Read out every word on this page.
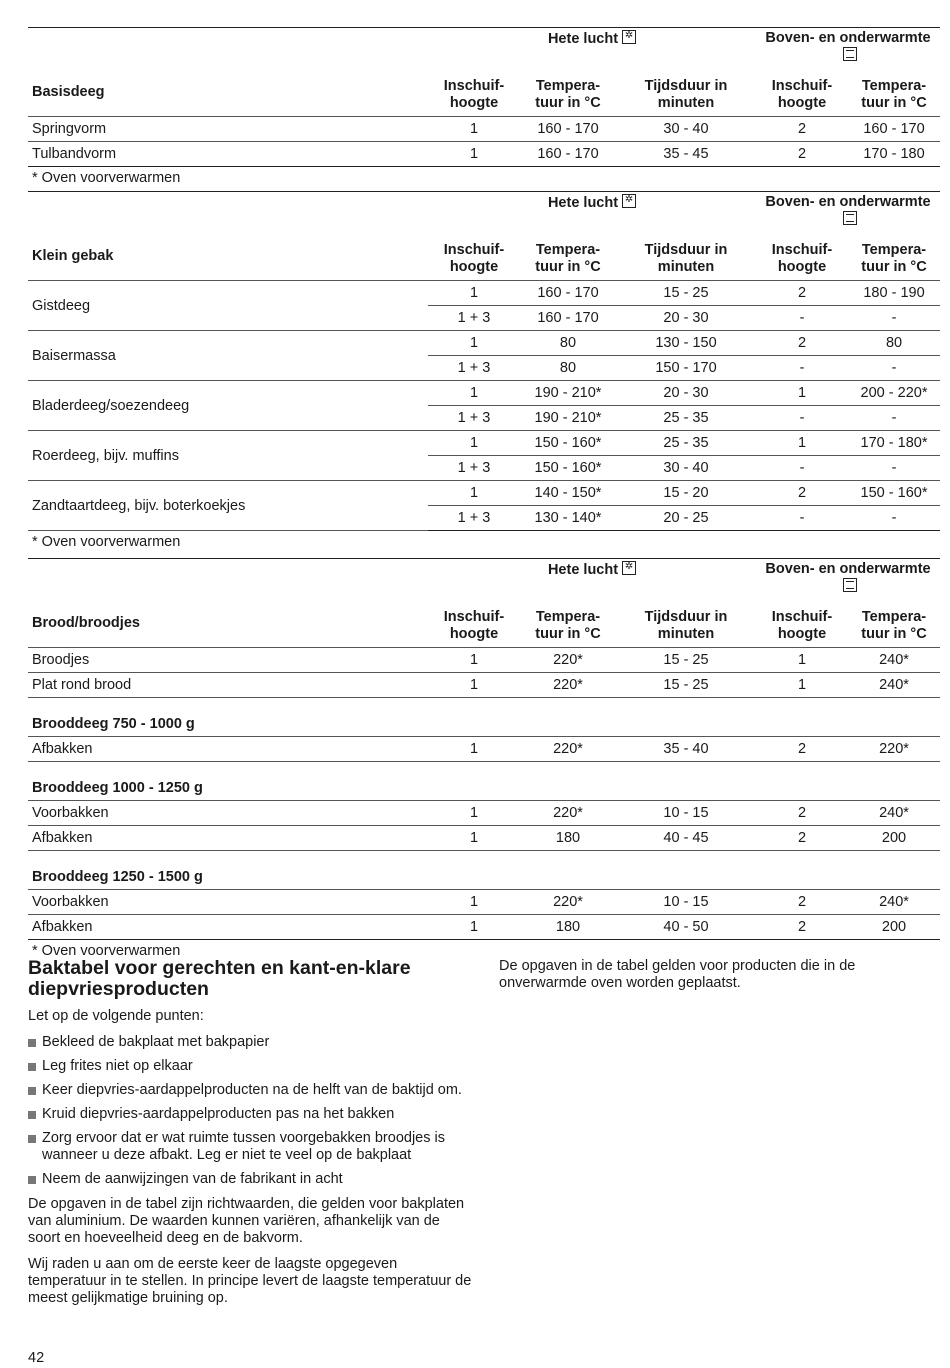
	Hete lucht✲			Boven- en onderwarmte	
Basisdeeg	Inschuif-hoogte	Tempera-tuur in °C	Tijdsduur in minuten	Inschuif-hoogte	Tempera-tuur in °C
Springvorm	1	160 - 170	30 - 40	2	160 - 170
Tulbandvorm	1	160 - 170	35 - 45	2	170 - 180
* Oven voorverwarmen
	Hete lucht✲			Boven- en onderwarmte	
Klein gebak	Inschuif-hoogte	Tempera-tuur in °C	Tijdsduur in minuten	Inschuif-hoogte	Tempera-tuur in °C
Gistdeeg	1	160 - 170	15 - 25	2	180 - 190
	1 + 3	160 - 170	20 - 30	-	-
Baisermassa	1	80	130 - 150	2	80
	1 + 3	80	150 - 170	-	-
Bladerdeeg/soezendeeg	1	190 - 210*	20 - 30	1	200 - 220*
	1 + 3	190 - 210*	25 - 35	-	-
Roerdeeg, bijv. muffins	1	150 - 160*	25 - 35	1	170 - 180*
	1 + 3	150 - 160*	30 - 40	-	-
Zandtaartdeeg, bijv. boterkoekjes	1	140 - 150*	15 - 20	2	150 - 160*
	1 + 3	130 - 140*	20 - 25	-	-
* Oven voorverwarmen
	Hete lucht✲			Boven- en onderwarmte	
Brood/broodjes	Inschuif-hoogte	Tempera-tuur in °C	Tijdsduur in minuten	Inschuif-hoogte	Tempera-tuur in °C
Broodjes	1	220*	15 - 25	1	240*
Plat rond brood	1	220*	15 - 25	1	240*
Brooddeeg 750 - 1000 g					
Afbakken	1	220*	35 - 40	2	220*
Brooddeeg 1000 - 1250 g					
Voorbakken	1	220*	10 - 15	2	240*
Afbakken	1	180	40 - 45	2	200
Brooddeeg 1250 - 1500 g					
Voorbakken	1	220*	10 - 15	2	240*
Afbakken	1	180	40 - 50	2	200
* Oven voorverwarmen
Baktabel voor gerechten en kant-en-klare diepvriesproducten

Let op de volgende punten:

Bekleed de bakplaat met bakpapier
Leg frites niet op elkaar
Keer diepvries-aardappelproducten na de helft van de baktijd om.
Kruid diepvries-aardappelproducten pas na het bakken
Zorg ervoor dat er wat ruimte tussen voorgebakken broodjes is wanneer u deze afbakt. Leg er niet te veel op de bakplaat
Neem de aanwijzingen van de fabrikant in acht

De opgaven in de tabel zijn richtwaarden, die gelden voor bakplaten van aluminium. De waarden kunnen variëren, afhankelijk van de soort en hoeveelheid deeg en de bakvorm.

Wij raden u aan om de eerste keer de laagste opgegeven temperatuur in te stellen. In principe levert de laagste temperatuur de meest gelijkmatige bruining op.

De opgaven in de tabel gelden voor producten die in de onverwarmde oven worden geplaatst.
42
